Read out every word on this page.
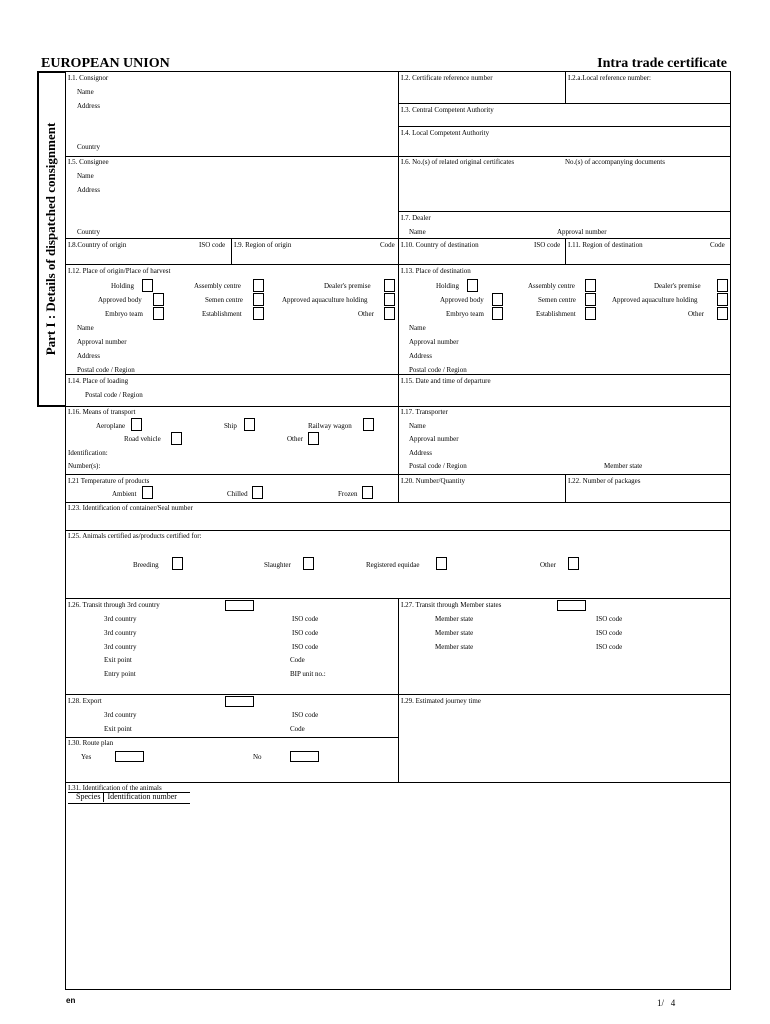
EUROPEAN UNION	Intra trade certificate
Part I : Details of dispatched consignment
I.1. Consignor
Name
Address
Country
I.2. Certificate reference number	I.2.a.Local reference number:
I.3. Central Competent Authority
I.4. Local Competent Authority
I.5. Consignee
Name
Address
Country
I.6. No.(s) of related original certificates	No.(s) of accompanying documents
I.7. Dealer
Name	Approval number
I.8.Country of origin	ISO code I.9. Region of origin	Code I.10. Country of destination	ISO code I.11. Region of destination	Code
I.12. Place of origin/Place of harvest
Holding	Assembly centre	Dealer's premise
Approved body	Semen centre	Approved aquaculture holding
Embryo team	Establishment	Other
Name
Approval number
Address
Postal code / Region
I.13. Place of destination
Holding	Assembly centre	Dealer's premise
Approved body	Semen centre	Approved aquaculture holding
Embryo team	Establishment	Other
Name
Approval number
Address
Postal code / Region
I.14. Place of loading
Postal code / Region
I.15. Date and time of departure
I.16. Means of transport
Aeroplane	Ship	Railway wagon
Road vehicle	Other
Identification:
Number(s):
I.17. Transporter
Name
Approval number
Address
Postal code / Region	Member state
I.21 Temperature of products
Ambient	Chilled	Frozen
I.20. Number/Quantity	I.22. Number of packages
I.23. Identification of container/Seal number
I.25. Animals certified as/products certified for:
Breeding	Slaughter	Registered equidae	Other
I.26. Transit through 3rd country
3rd country	ISO code
3rd country	ISO code
3rd country	ISO code
Exit point	Code
Entry point	BIP unit no.:
I.27. Transit through Member states
Member state	ISO code
Member state	ISO code
Member state	ISO code
I.28. Export
3rd country	ISO code
Exit point	Code
I.29. Estimated journey time
I.30. Route plan
Yes	No
I.31. Identification of the animals
Species Identification number
en	1/   4
